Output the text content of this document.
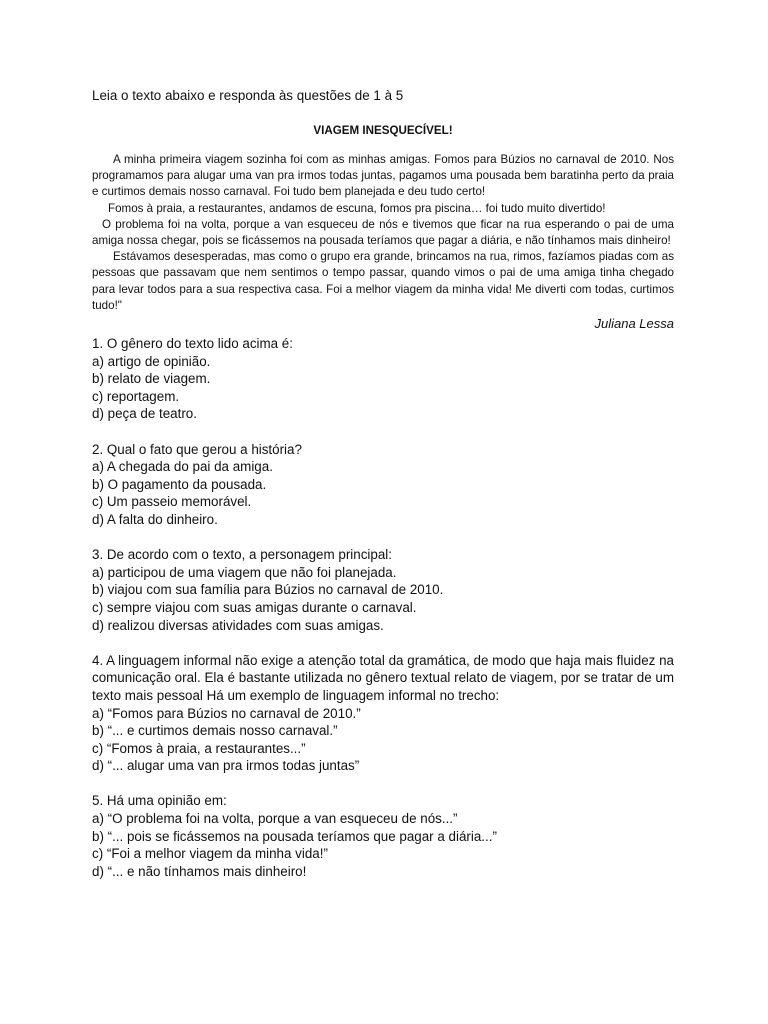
Leia o texto abaixo e responda às questões de 1 à 5

VIAGEM INESQUECÍVEL!

A minha primeira viagem sozinha foi com as minhas amigas. Fomos para Búzios no carnaval de 2010. Nos programamos para alugar uma van pra irmos todas juntas, pagamos uma pousada bem baratinha perto da praia e curtimos demais nosso carnaval. Foi tudo bem planejada e deu tudo certo!

Fomos à praia, a restaurantes, andamos de escuna, fomos pra piscina… foi tudo muito divertido!

O problema foi na volta, porque a van esqueceu de nós e tivemos que ficar na rua esperando o pai de uma amiga nossa chegar, pois se ficássemos na pousada teríamos que pagar a diária, e não tínhamos mais dinheiro!

Estávamos desesperadas, mas como o grupo era grande, brincamos na rua, rimos, fazíamos piadas com as pessoas que passavam que nem sentimos o tempo passar, quando vimos o pai de uma amiga tinha chegado para levar todos para a sua respectiva casa. Foi a melhor viagem da minha vida! Me diverti com todas, curtimos tudo!"

Juliana Lessa

1. O gênero do texto lido acima é:
a) artigo de opinião.
b) relato de viagem.
c) reportagem.
d) peça de teatro.
2. Qual o fato que gerou a história?
a) A chegada do pai da amiga.
b) O pagamento da pousada.
c) Um passeio memorável.
d) A falta do dinheiro.
3. De acordo com o texto, a personagem principal:
a) participou de uma viagem que não foi planejada.
b) viajou com sua família para Búzios no carnaval de 2010.
c) sempre viajou com suas amigas durante o carnaval.
d) realizou diversas atividades com suas amigas.
4. A linguagem informal não exige a atenção total da gramática, de modo que haja mais fluidez na comunicação oral. Ela é bastante utilizada no gênero textual relato de viagem, por se tratar de um texto mais pessoal Há um exemplo de linguagem informal no trecho:
a) “Fomos para Búzios no carnaval de 2010.”
b) “... e curtimos demais nosso carnaval.”
c) “Fomos à praia, a restaurantes...”
d) “... alugar uma van pra irmos todas juntas”
5. Há uma opinião em:
a) “O problema foi na volta, porque a van esqueceu de nós...”
b) “... pois se ficássemos na pousada teríamos que pagar a diária...”
c) “Foi a melhor viagem da minha vida!”
d) “... e não tínhamos mais dinheiro!
